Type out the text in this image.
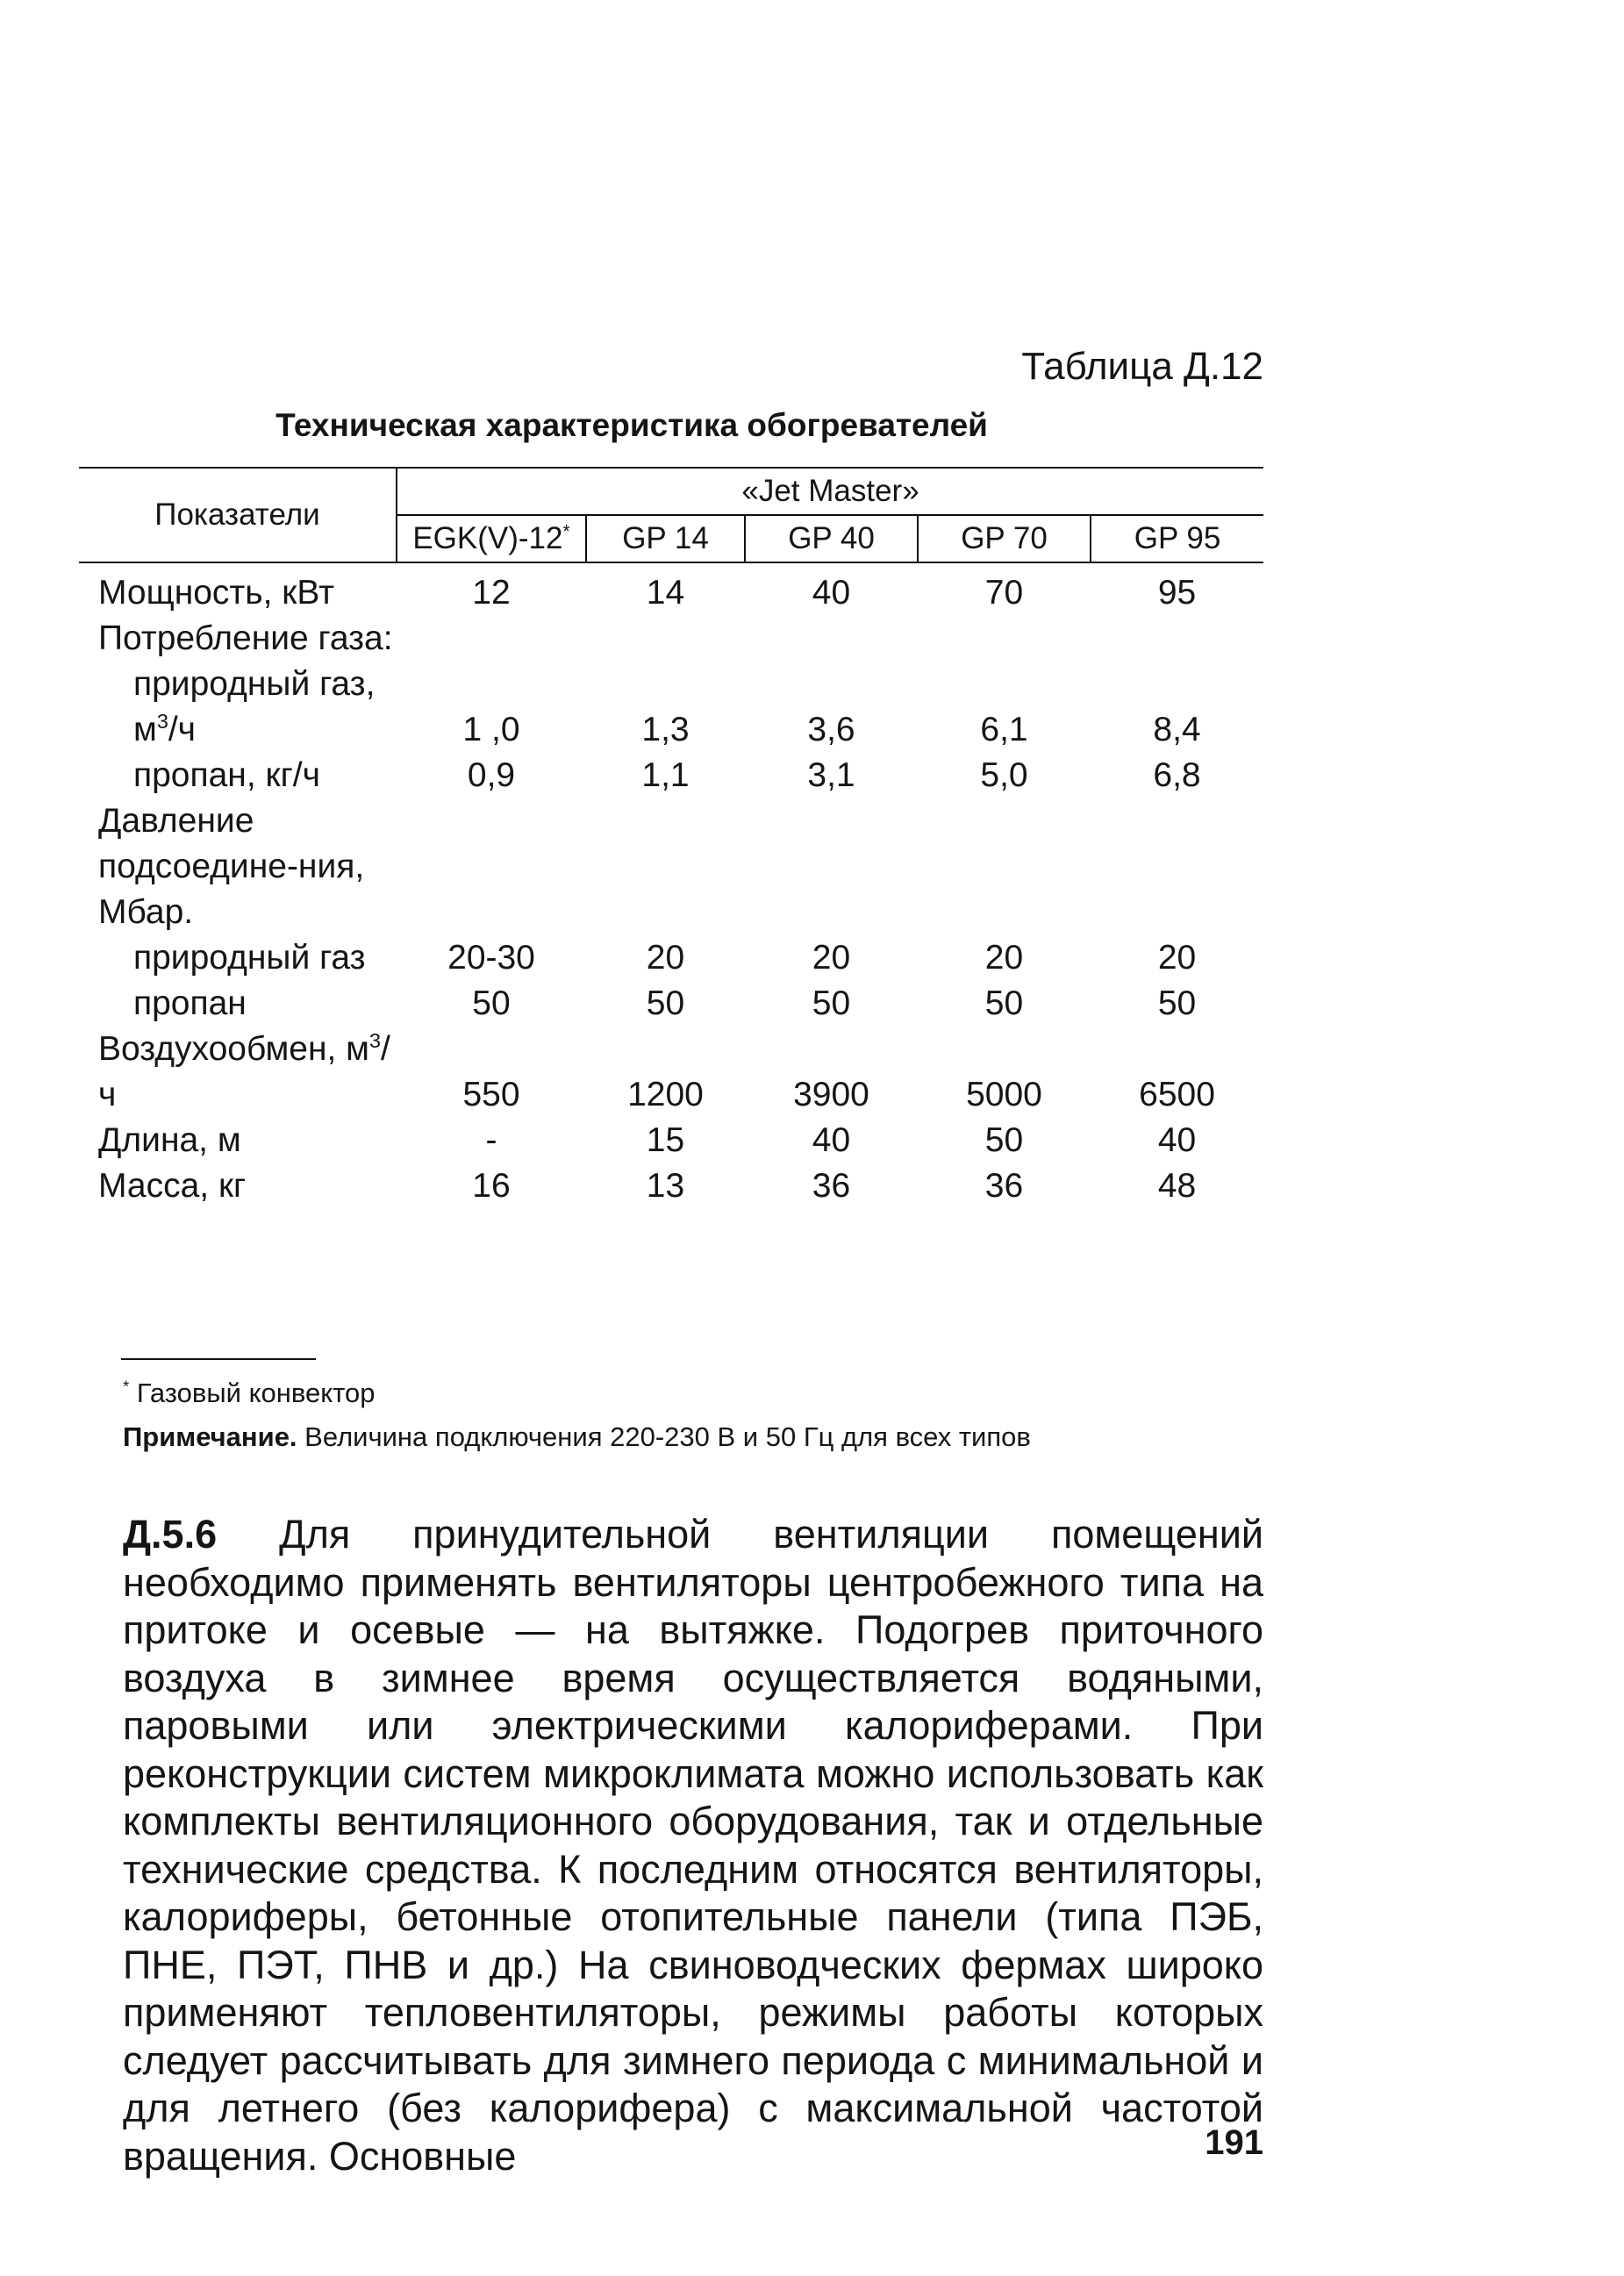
Таблица Д.12
Техническая характеристика обогревателей
Показатели	«Jet Master»				
	EGK(V)-12*	GP 14	GP 40	GP 70	GP 95
Мощность, кВт	12	14	40	70	95
Потребление газа:					
природный газ, $м^3/ч$	1 ,0	1,3	3,6	6,1	8,4
пропан, кг/ч	0,9	1,1	3,1	5,0	6,8
Давление подсоедине-ния, Мбар.					
природный газ	20-30	20	20	20	20
пропан	50	50	50	50	50
Воздухообмен, $м^3/ч$	550	1200	3900	5000	6500
Длина, м	-	15	40	50	40
Масса, кг	16	13	36	36	48
* Газовый конвектор
Примечание. Величина подключения 220-230 В и 50 Гц для всех типов
Д.5.6 Для принудительной вентиляции помещений необходимо применять вентиляторы центробежного типа на притоке и осевые — на вытяжке. Подогрев приточного воздуха в зимнее время осуществляется водяными, паровыми или электрическими калориферами. При реконструкции систем микроклимата можно использовать как комплекты вентиляционного оборудования, так и отдельные технические средства. К последним относятся вентиляторы, калориферы, бетонные отопительные панели (типа ПЭБ, ПНЕ, ПЭТ, ПНВ и др.) На свиноводческих фермах широко применяют тепловентиляторы, режимы работы которых следует рассчитывать для зимнего периода с минимальной и для летнего (без калорифера) с максимальной частотой вращения. Основные	191
